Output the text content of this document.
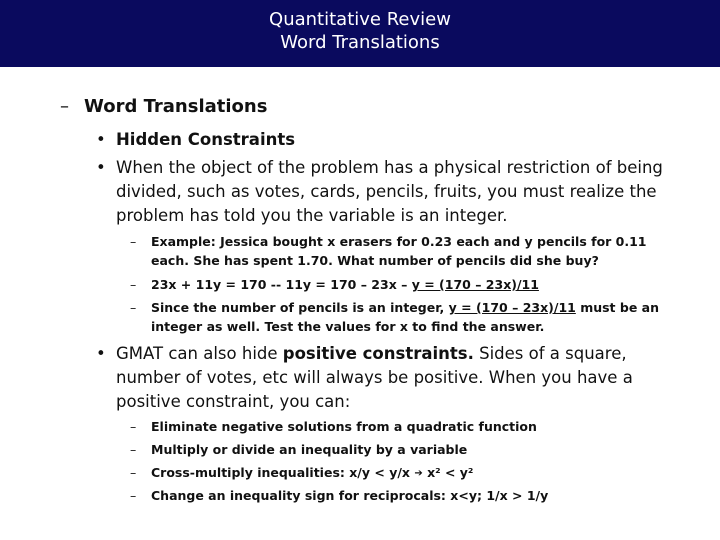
Quantitative Review
Word Translations
– Word Translations
• Hidden Constraints
• When the object of the problem has a physical restriction of being divided, such as votes, cards, pencils, fruits, you must realize the problem has told you the variable is an integer.
– Example: Jessica bought x erasers for 0.23 each and y pencils for 0.11 each. She has spent 1.70. What number of pencils did she buy?
– 23x + 11y = 170 -- 11y = 170 – 23x – y = (170 – 23x)/11
– Since the number of pencils is an integer, y = (170 – 23x)/11 must be an integer as well. Test the values for x to find the answer.
• GMAT can also hide positive constraints. Sides of a square, number of votes, etc will always be positive. When you have a positive constraint, you can:
– Eliminate negative solutions from a quadratic function
– Multiply or divide an inequality by a variable
– Cross-multiply inequalities: x/y < y/x ➔ x² < y²
– Change an inequality sign for reciprocals: x<y; 1/x > 1/y
